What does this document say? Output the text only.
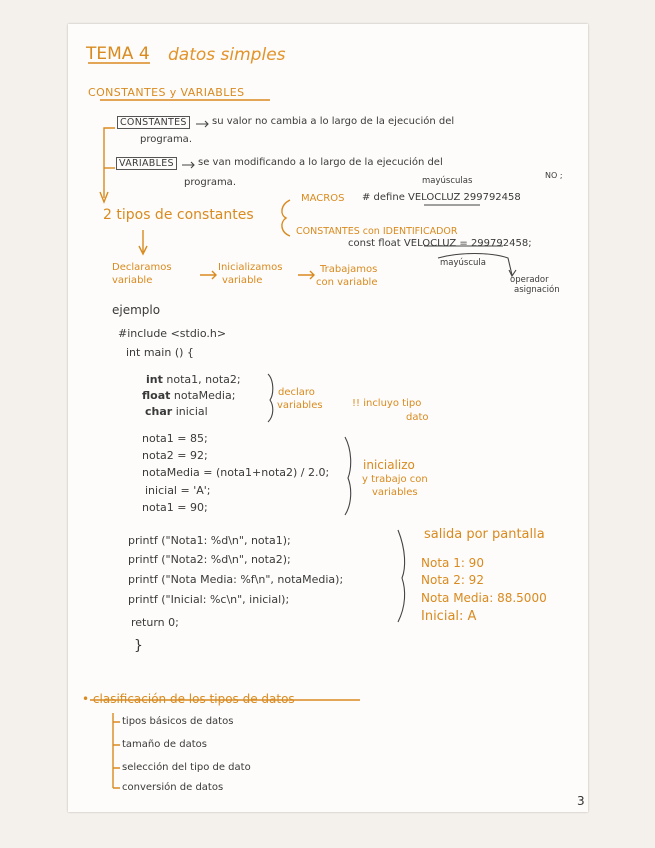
TEMA 4 datos simples
CONSTANTES y VARIABLES
CONSTANTES	su valor no cambia a lo largo de la ejecución del
programa.
VARIABLES	se van modificando a lo largo de la ejecución del
programa.	mayúsculas
NO ;
2 tipos de constantes
MACROS # define VELOCLUZ 299792458
CONSTANTES con IDENTIFICADOR
const float VELOCLUZ = 299792458;
mayúscula
operador
asignación
Declaramos
variable
Inicializamos
variable
Trabajamos
con variable
ejemplo
#include <stdio.h>
int main () {
int nota1, nota2;
float notaMedia;
char inicial
declaro
variables	!! incluyo tipo
dato
nota1 = 85;
nota2 = 92;
notaMedia = (nota1+nota2) / 2.0;
inicial = 'A';
nota1 = 90;
inicializo
y trabajo con
variables
printf ("Nota1: %d\n", nota1);
printf ("Nota2: %d\n", nota2);
printf ("Nota Media: %f\n", notaMedia);
printf ("Inicial: %c\n", inicial);
return 0;
}
salida por pantalla
Nota 1: 90
Nota 2: 92
Nota Media: 88.5000
Inicial: A
• clasificación de los tipos de datos
tipos básicos de datos
tamaño de datos
selección del tipo de dato
conversión de datos
3
